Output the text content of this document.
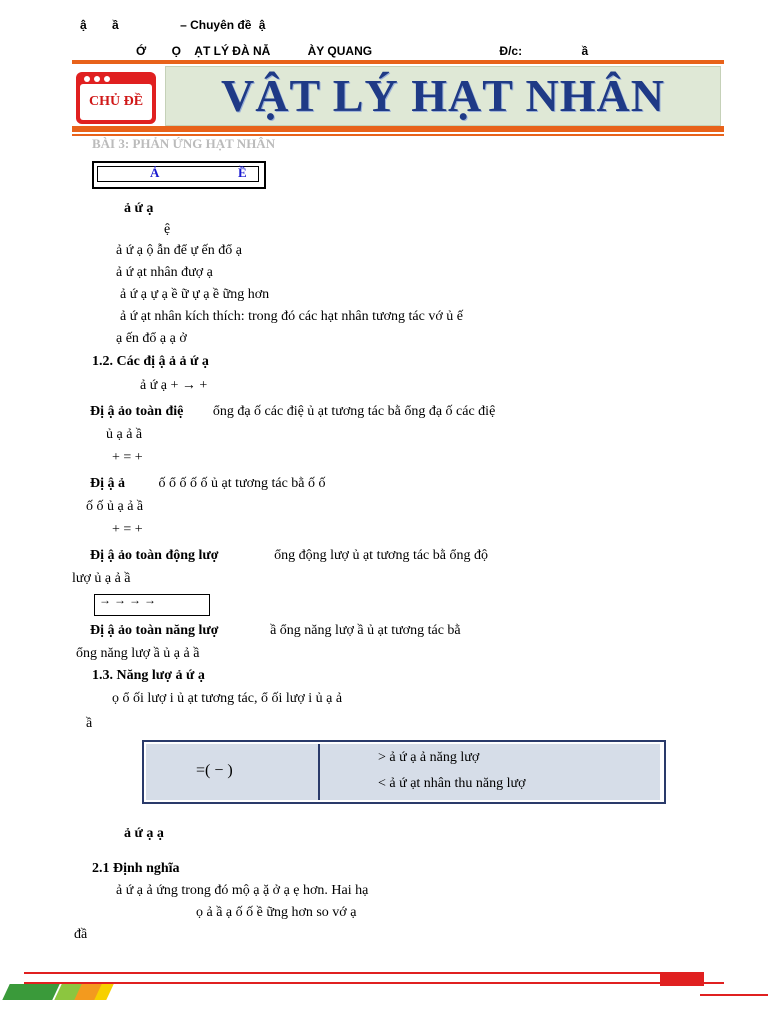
ậ ầ	– Chuyên đề ậ
Ớ Ọ ẠT LÝ ĐÀ NẴ	ÀY QUANG	Đ/c:	ầ
CHỦ ĐỀ	VẬT LÝ HẠT NHÂN
BÀI 3: PHẢN ỨNG HẠT NHÂN
Ả	Ề
ả ứ ạ
ệ
ả ứ ạ ộ ẫn để ự ến đổ ạ
ả ứ ạt nhân đượ ạ
ả ứ ạ ự ạ ề ữ ự ạ ề ững hơn
ả ứ ạt nhân kích thích: trong đó các hạt nhân tương tác vớ ủ ế
ạ ến đổ ạ ạ ở
1.2. Các đị ậ ả ả ứ ạ
ả ứ ạ + → +
Đị ậ ảo toàn điệ ổng đạ ố các điệ ủ ạt tương tác bằ ổng đạ ố các điệ
ủ ạ ả ầ
+ = +
Đị ậ ả ố ổ ố ố ố ủ ạt tương tác bằ ố ố
ố ố ủ ạ ả ầ
+ = +
Đị ậ ảo toàn động lượ	ổng động lượ ủ ạt tương tác bằ ổng độ
lượ ủ ạ ả ầ
→ → → →
Đị ậ ảo toàn năng lượ	ầ ổng năng lượ ầ ủ ạt tương tác bằ
ổng năng lượ ầ ủ ạ ả ầ
1.3. Năng lượ ả ứ ạ
ọ ổ ối lượ i ủ ạt tương tác, ổ ối lượ i ủ ạ ả
ầ
=( − )
> ả ứ ạ ả năng lượ
< ả ứ ạt nhân thu năng lượ
ả ứ ạ ạ
2.1 Định nghĩa
ả ứ ạ ả ứng trong đó mộ ạ ặ ở ạ ẹ hơn. Hai hạ
ọ ả ầ ạ ố ố ề ững hơn so vớ ạ
đầ
